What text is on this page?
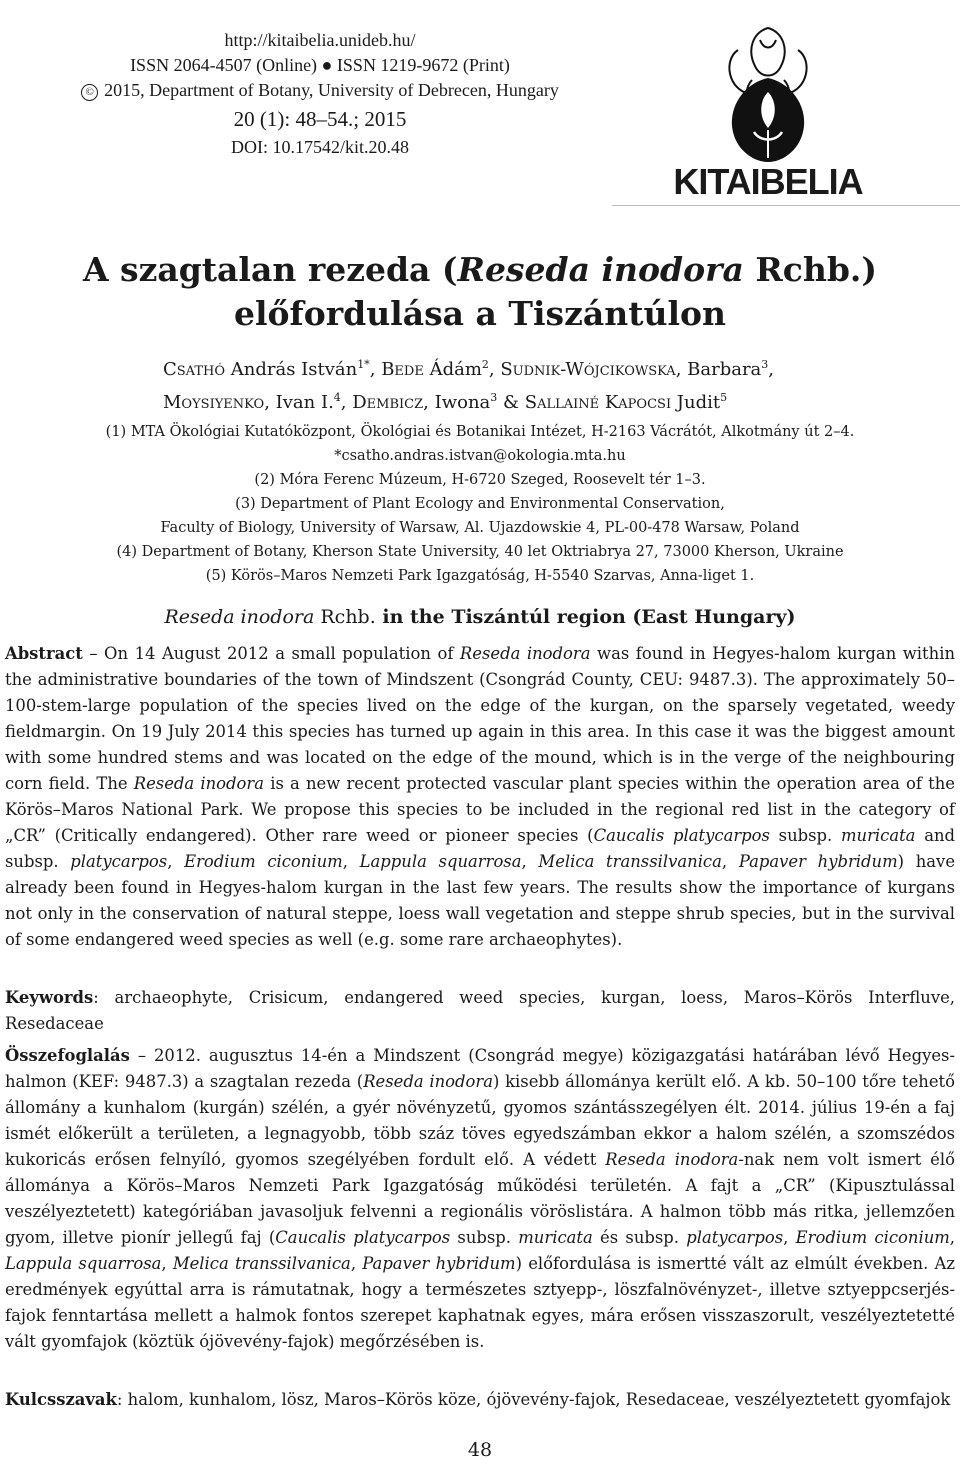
http://kitaibelia.unideb.hu/
ISSN 2064-4507 (Online) ● ISSN 1219-9672 (Print)
© 2015, Department of Botany, University of Debrecen, Hungary
20 (1): 48–54.; 2015
DOI: 10.17542/kit.20.48
KITAIBELIA
A szagtalan rezeda (Reseda inodora Rchb.)
előfordulása a Tiszántúlon
Csathó András István$^{1*}$, Bede Ádám$^2$, Sudnik-Wójcikowska, Barbara$^3$,
Moysiyenko, Ivan I.$^4$, Dembicz, Iwona$^3$ & Sallainé Kapocsi Judit$^5$
(1) MTA Ökológiai Kutatóközpont, Ökológiai és Botanikai Intézet, H-2163 Vácrátót, Alkotmány út 2–4.
*csatho.andras.istvan@okologia.mta.hu
(2) Móra Ferenc Múzeum, H-6720 Szeged, Roosevelt tér 1–3.
(3) Department of Plant Ecology and Environmental Conservation,
Faculty of Biology, University of Warsaw, Al. Ujazdowskie 4, PL-00-478 Warsaw, Poland
(4) Department of Botany, Kherson State University, 40 let Oktriabrya 27, 73000 Kherson, Ukraine
(5) Körös–Maros Nemzeti Park Igazgatóság, H-5540 Szarvas, Anna-liget 1.
Reseda inodora Rchb. in the Tiszántúl region (East Hungary)
Abstract – On 14 August 2012 a small population of Reseda inodora was found in Hegyes-halom kurgan within the administrative boundaries of the town of Mindszent (Csongrád County, CEU: 9487.3). The approximately 50–100-stem-large population of the species lived on the edge of the kurgan, on the sparsely vegetated, weedy fieldmargin. On 19 July 2014 this species has turned up again in this area. In this case it was the biggest amount with some hundred stems and was located on the edge of the mound, which is in the verge of the neighbouring corn field. The Reseda inodora is a new recent protected vascular plant species within the operation area of the Körös–Maros National Park. We propose this species to be included in the regional red list in the category of „CR” (Critically endangered). Other rare weed or pioneer species (Caucalis platycarpos subsp. muricata and subsp. platycarpos, Erodium ciconium, Lappula squarrosa, Melica transsilvanica, Papaver hybridum) have already been found in Hegyes-halom kurgan in the last few years. The results show the importance of kurgans not only in the conservation of natural steppe, loess wall vegetation and steppe shrub species, but in the survival of some endangered weed species as well (e.g. some rare archaeophytes).
Keywords: archaeophyte, Crisicum, endangered weed species, kurgan, loess, Maros–Körös Interfluve, Resedaceae
Összefoglalás – 2012. augusztus 14-én a Mindszent (Csongrád megye) közigazgatási határában lévő Hegyes-halmon (KEF: 9487.3) a szagtalan rezeda (Reseda inodora) kisebb állománya került elő. A kb. 50–100 tőre tehető állomány a kunhalom (kurgán) szélén, a gyér növényzetű, gyomos szántásszegélyen élt. 2014. július 19-én a faj ismét előkerült a területen, a legnagyobb, több száz töves egyedszámban ekkor a halom szélén, a szomszédos kukoricás erősen felnyíló, gyomos szegélyében fordult elő. A védett Reseda inodora-nak nem volt ismert élő állománya a Körös–Maros Nemzeti Park Igazgatóság működési területén. A fajt a „CR” (Kipusztulással veszélyeztetett) kategóriában javasoljuk felvenni a regionális vöröslistára. A halmon több más ritka, jellemzően gyom, illetve pionír jellegű faj (Caucalis platycarpos subsp. muricata és subsp. platycarpos, Erodium ciconium, Lappula squarrosa, Melica transsilvanica, Papaver hybridum) előfordulása is ismertté vált az elmúlt években. Az eredmények egyúttal arra is rámutatnak, hogy a természetes sztyepp-, löszfalnövényzet-, illetve sztyeppcserjés-fajok fenntartása mellett a halmok fontos szerepet kaphatnak egyes, mára erősen visszaszorult, veszélyeztetetté vált gyomfajok (köztük ójövevény-fajok) megőrzésében is.
Kulcsszavak: halom, kunhalom, lösz, Maros–Körös köze, ójövevény-fajok, Resedaceae, veszélyeztetett gyomfajok
48
